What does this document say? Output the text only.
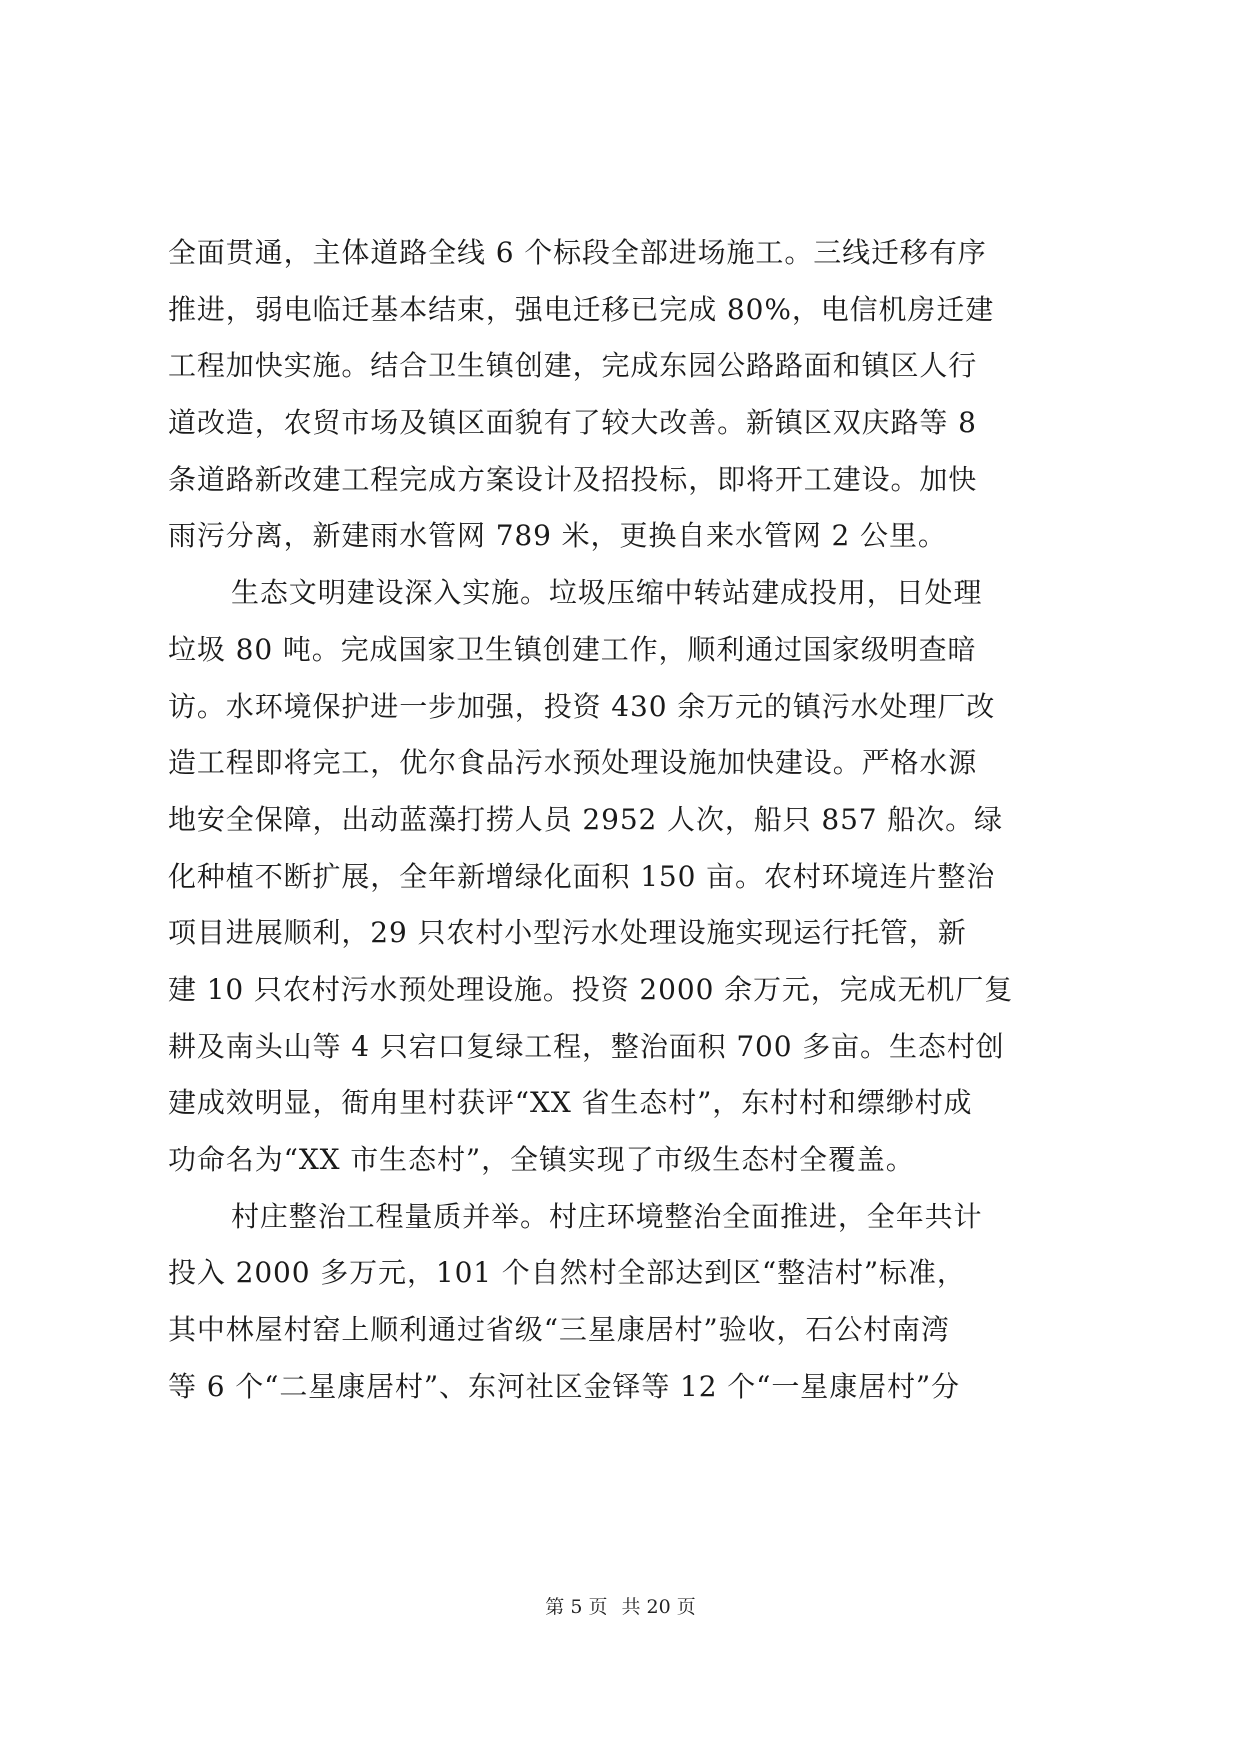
全面贯通，主体道路全线 6 个标段全部进场施工。三线迁移有序
推进，弱电临迁基本结束，强电迁移已完成 80%，电信机房迁建
工程加快实施。结合卫生镇创建，完成东园公路路面和镇区人行
道改造，农贸市场及镇区面貌有了较大改善。新镇区双庆路等 8
条道路新改建工程完成方案设计及招投标，即将开工建设。加快
雨污分离，新建雨水管网 789 米，更换自来水管网 2 公里。
生态文明建设深入实施。垃圾压缩中转站建成投用，日处理
垃圾 80 吨。完成国家卫生镇创建工作，顺利通过国家级明查暗
访。水环境保护进一步加强，投资 430 余万元的镇污水处理厂改
造工程即将完工，优尔食品污水预处理设施加快建设。严格水源
地安全保障，出动蓝藻打捞人员 2952 人次，船只 857 船次。绿
化种植不断扩展，全年新增绿化面积 150 亩。农村环境连片整治
项目进展顺利，29 只农村小型污水处理设施实现运行托管，新
建 10 只农村污水预处理设施。投资 2000 余万元，完成无机厂复
耕及南头山等 4 只宕口复绿工程，整治面积 700 多亩。生态村创
建成效明显，衙甪里村获评“XX 省生态村”，东村村和缥缈村成
功命名为“XX 市生态村”，全镇实现了市级生态村全覆盖。
村庄整治工程量质并举。村庄环境整治全面推进，全年共计
投入 2000 多万元，101 个自然村全部达到区“整洁村”标准，
其中林屋村窑上顺利通过省级“三星康居村”验收，石公村南湾
等 6 个“二星康居村”、东河社区金铎等 12 个“一星康居村”分
第 5 页 共 20 页
